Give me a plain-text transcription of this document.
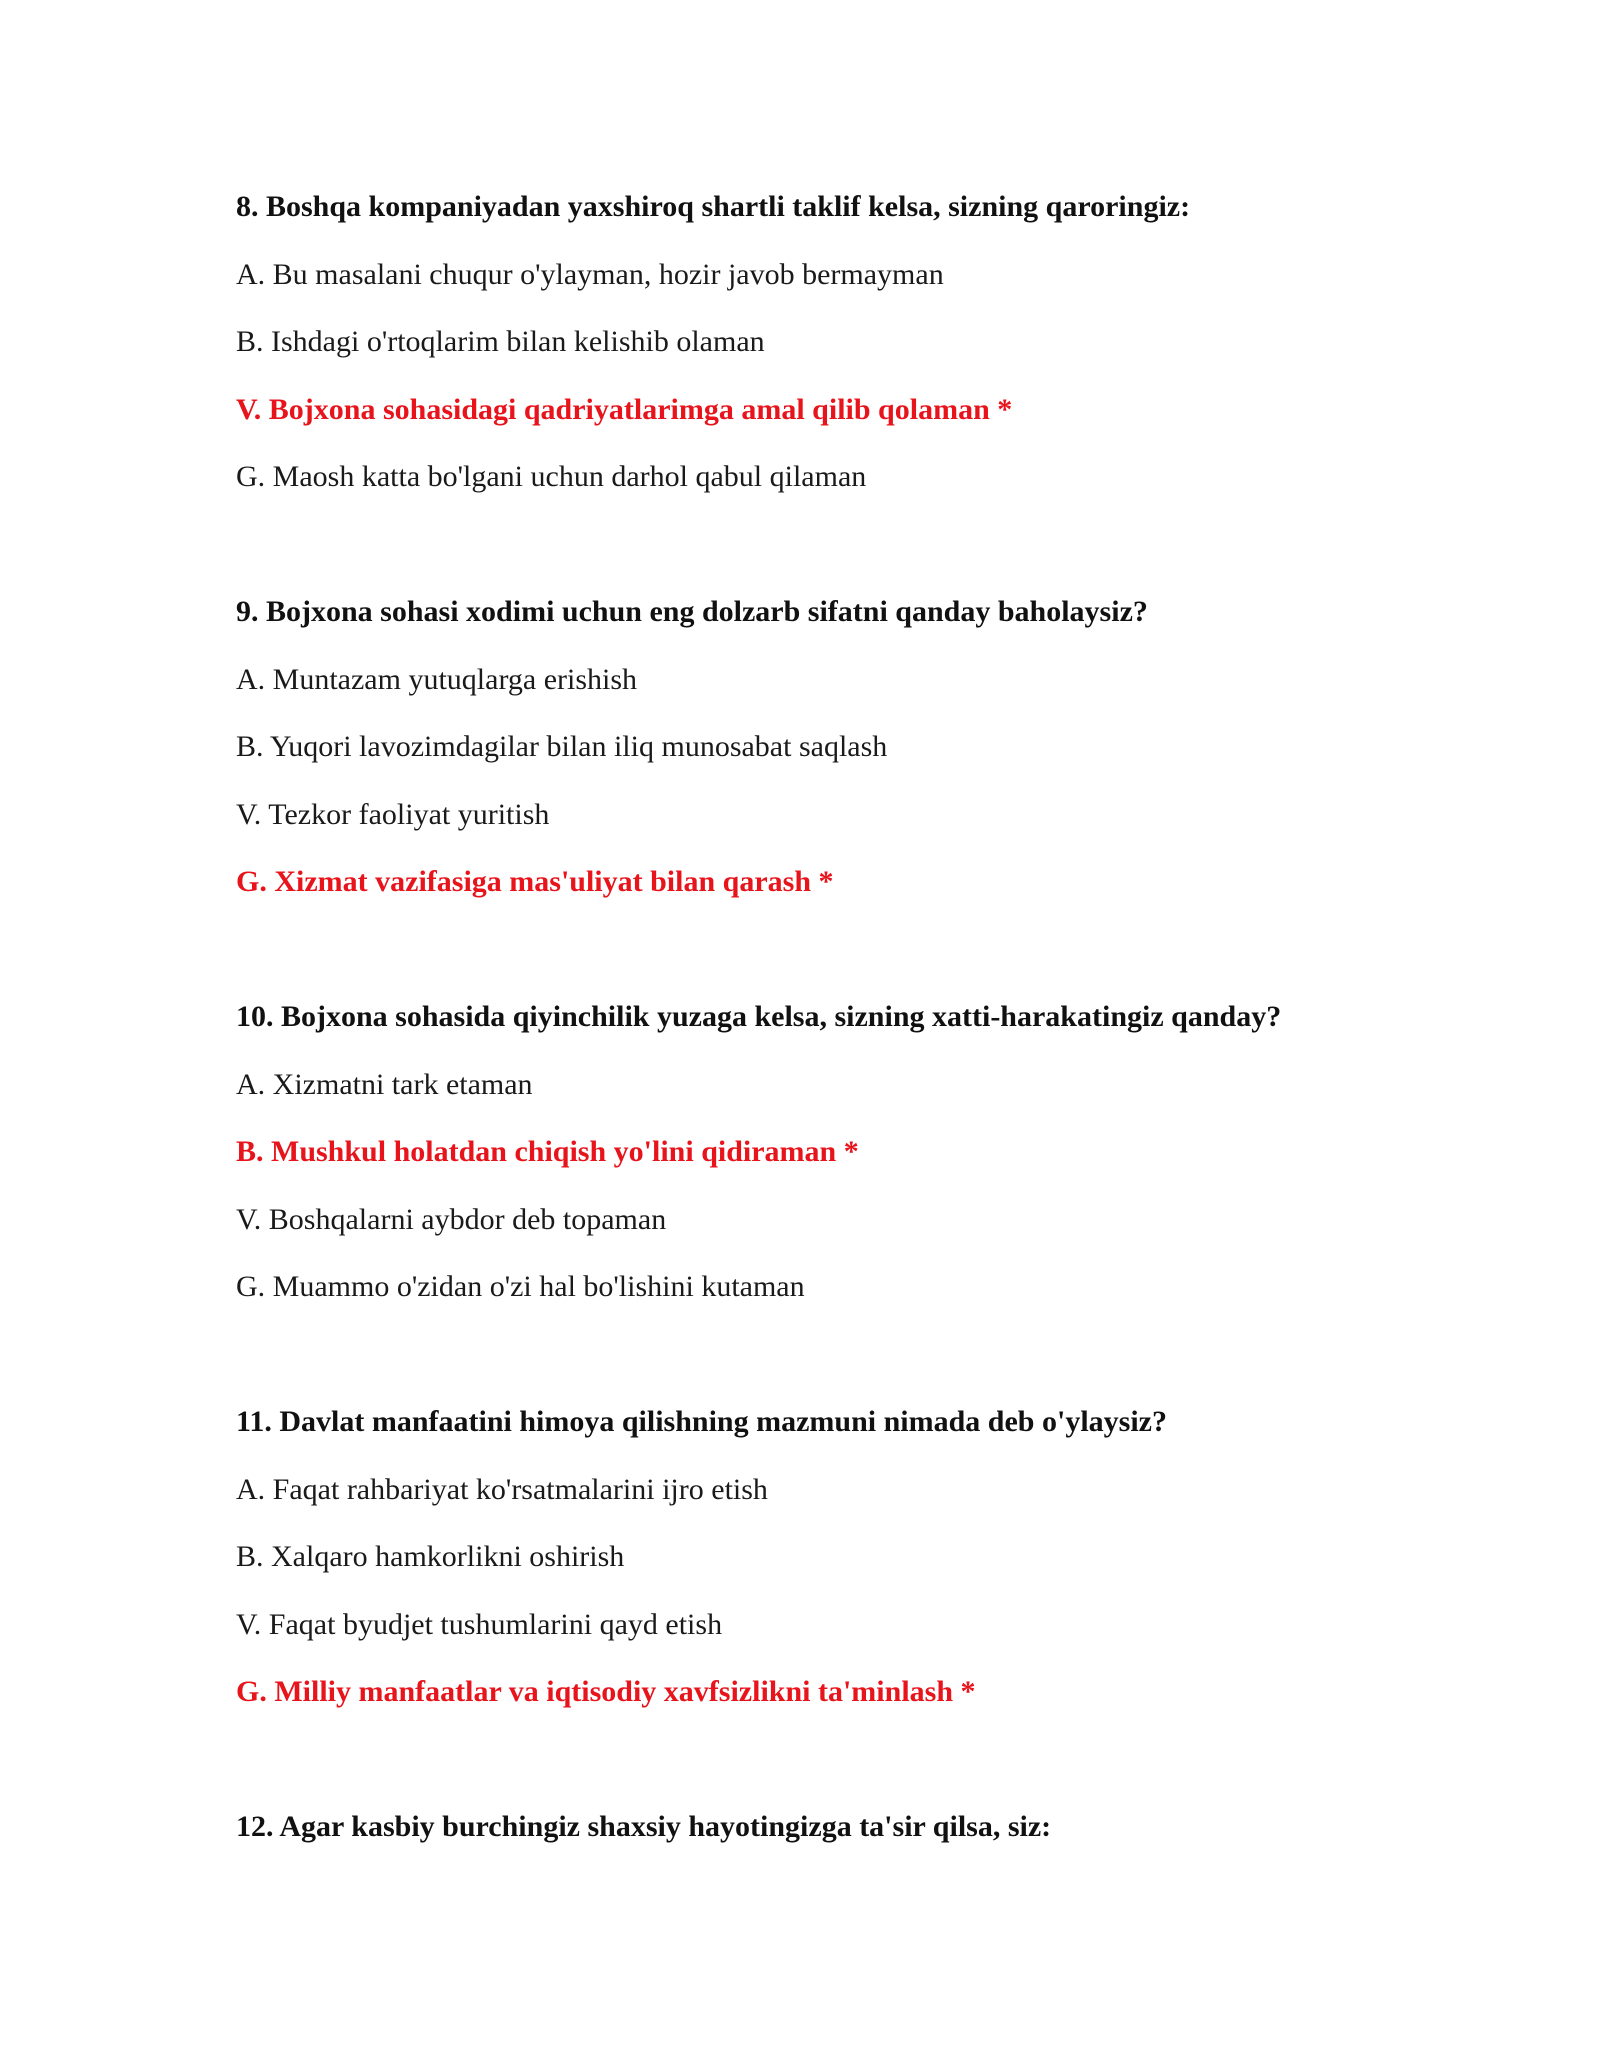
8. Boshqa kompaniyadan yaxshiroq shartli taklif kelsa, sizning qaroringiz:

A. Bu masalani chuqur o'ylayman, hozir javob bermayman

B. Ishdagi o'rtoqlarim bilan kelishib olaman

V. Bojxona sohasidagi qadriyatlarimga amal qilib qolaman *

G. Maosh katta bo'lgani uchun darhol qabul qilaman

9. Bojxona sohasi xodimi uchun eng dolzarb sifatni qanday baholaysiz?

A. Muntazam yutuqlarga erishish

B. Yuqori lavozimdagilar bilan iliq munosabat saqlash

V. Tezkor faoliyat yuritish

G. Xizmat vazifasiga mas'uliyat bilan qarash *

10. Bojxona sohasida qiyinchilik yuzaga kelsa, sizning xatti-harakatingiz qanday?

A. Xizmatni tark etaman

B. Mushkul holatdan chiqish yo'lini qidiraman *

V. Boshqalarni aybdor deb topaman

G. Muammo o'zidan o'zi hal bo'lishini kutaman

11. Davlat manfaatini himoya qilishning mazmuni nimada deb o'ylaysiz?

A. Faqat rahbariyat ko'rsatmalarini ijro etish

B. Xalqaro hamkorlikni oshirish

V. Faqat byudjet tushumlarini qayd etish

G. Milliy manfaatlar va iqtisodiy xavfsizlikni ta'minlash *

12. Agar kasbiy burchingiz shaxsiy hayotingizga ta'sir qilsa, siz:
